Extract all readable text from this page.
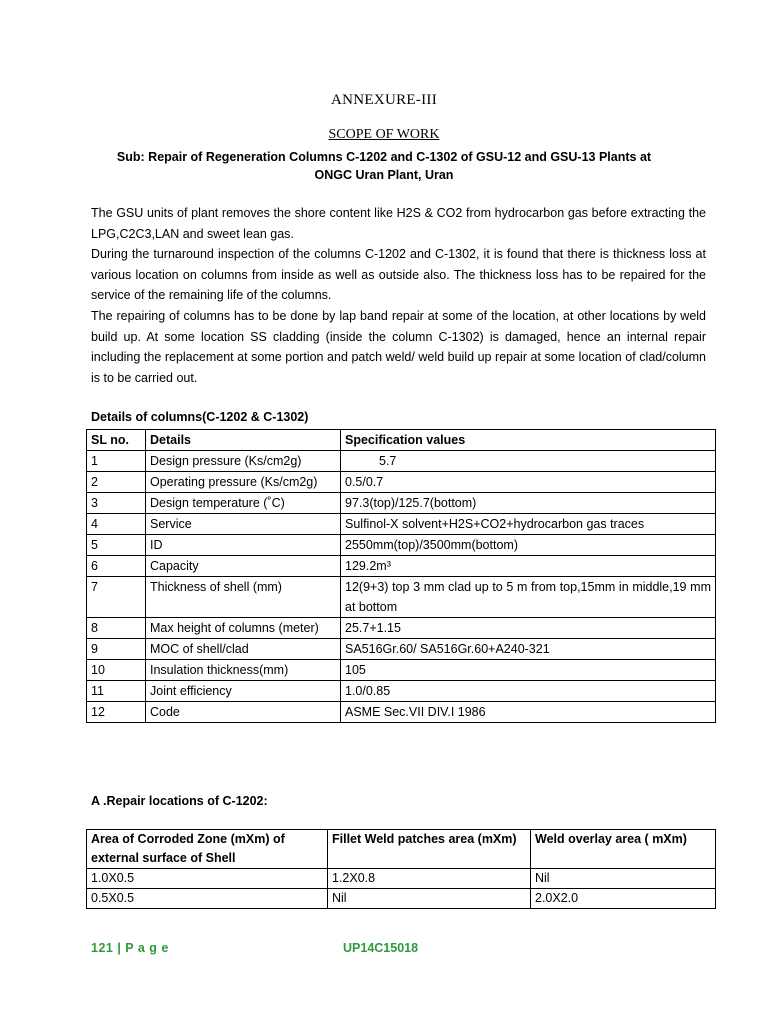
ANNEXURE-III
SCOPE OF WORK
Sub: Repair of Regeneration Columns C-1202 and C-1302 of GSU-12 and GSU-13 Plants at
ONGC Uran Plant, Uran

The GSU units of plant removes the shore content like H2S & CO2 from hydrocarbon gas before extracting the LPG,C2C3,LAN and sweet lean gas.

During the turnaround inspection of the columns C-1202 and C-1302, it is found that there is thickness loss at various location on columns from inside as well as outside also. The thickness loss has to be repaired for the service of the remaining life of the columns.

The repairing of columns has to be done by lap band repair at some of the location, at other locations by weld build up. At some location SS cladding (inside the column C-1302) is damaged, hence an internal repair including the replacement at some portion and patch weld/ weld build up repair at some location of clad/column is to be carried out.

Details of columns(C-1202 & C-1302)
SL no.	Details	Specification values
1	Design pressure (Ks/cm2g)	5.7
2	Operating pressure (Ks/cm2g)	0.5/0.7
3	Design temperature (˚C)	97.3(top)/125.7(bottom)
4	Service	Sulfinol-X solvent+H2S+CO2+hydrocarbon gas traces
5	ID	2550mm(top)/3500mm(bottom)
6	Capacity	129.2m³
7	Thickness of shell (mm)	12(9+3) top 3 mm clad up to 5 m from top,15mm in middle,19 mm at bottom
8	Max height of columns (meter)	25.7+1.15
9	MOC of shell/clad	SA516Gr.60/ SA516Gr.60+A240-321
10	Insulation thickness(mm)	105
11	Joint efficiency	1.0/0.85
12	Code	ASME Sec.VII DIV.I 1986
A .Repair locations of C-1202:
Area of Corroded Zone (mXm) of external surface of Shell	Fillet Weld patches area (mXm)	Weld overlay area ( mXm)
1.0X0.5	1.2X0.8	Nil
0.5X0.5	Nil	2.0X2.0
121 | P a g e	UP14C15018
